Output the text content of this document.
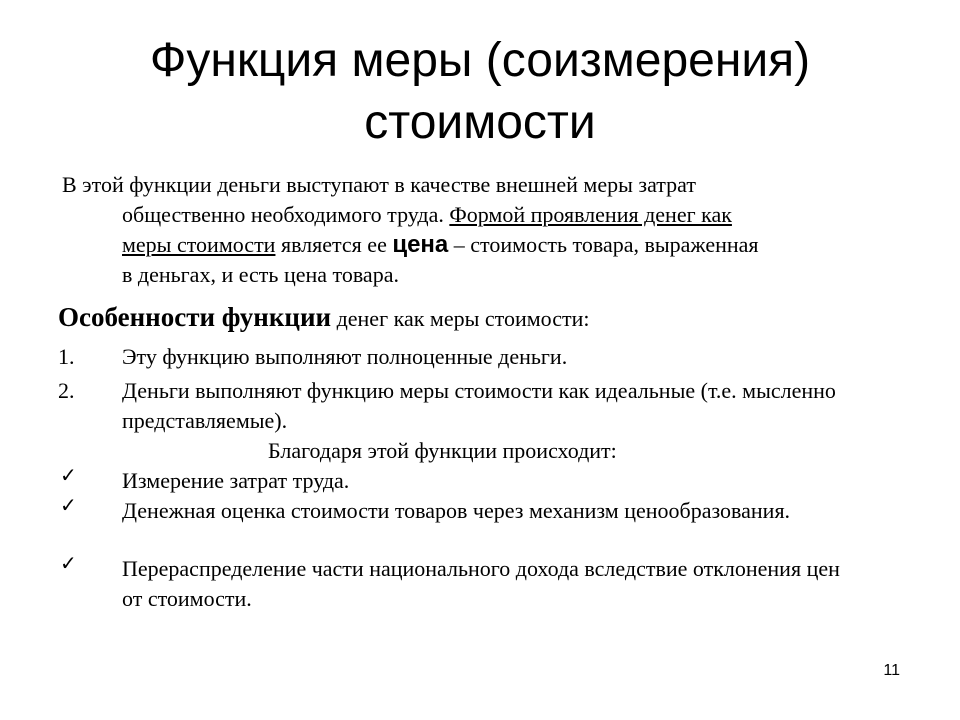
Функция меры (соизмерения)
стоимости
В этой функции деньги выступают в качестве внешней меры затрат
общественно необходимого труда. Формой проявления денег как
меры стоимости является ее цена – стоимость товара, выраженная
в деньгах, и есть цена товара.
Особенности функции денег как меры стоимости:
1.	Эту функцию выполняют полноценные деньги.
2.	Деньги выполняют функцию меры стоимости как идеальные (т.е. мысленно представляемые).
Благодаря этой функции происходит:
✓	Измерение затрат труда.
✓	Денежная оценка стоимости товаров через механизм ценообразования.
✓	Перераспределение части национального дохода вследствие отклонения цен от стоимости.
11
